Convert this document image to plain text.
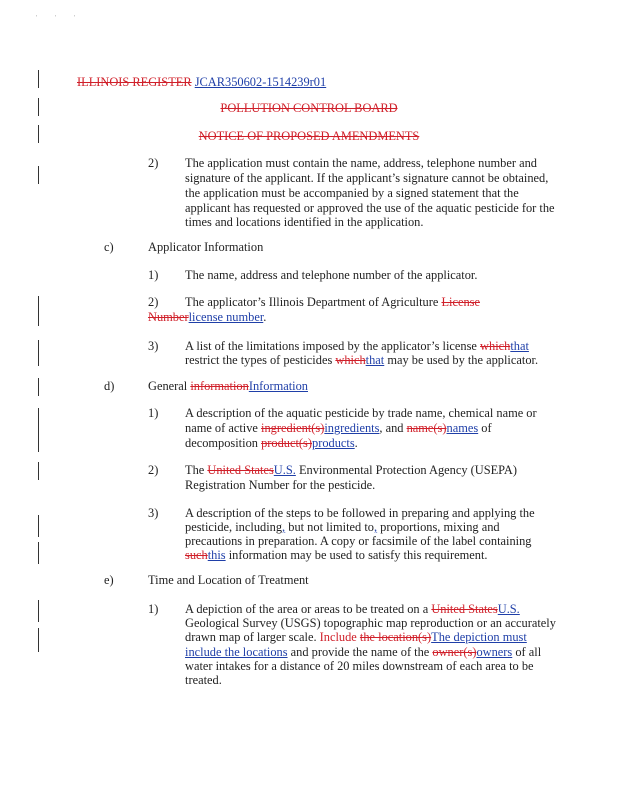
' ' '
ILLINOIS REGISTER JCAR350602-1514239r01
POLLUTION CONTROL BOARD
NOTICE OF PROPOSED AMENDMENTS
2) The application must contain the name, address, telephone number and
signature of the applicant. If the applicant’s signature cannot be obtained,
the application must be accompanied by a signed statement that the
applicant has requested or approved the use of the aquatic pesticide for the
times and locations identified in the application.
c)	Applicator Information
1) The name, address and telephone number of the applicator.
2) The applicator’s Illinois Department of Agriculture License
Numberlicense number.
3) A list of the limitations imposed by the applicator’s license whichthat
restrict the types of pesticides whichthat may be used by the applicator.
d)	General informationInformation
1) A description of the aquatic pesticide by trade name, chemical name or
name of active ingredient(s)ingredients, and name(s)names of
decomposition product(s)products.
2) The United StatesU.S. Environmental Protection Agency (USEPA)
Registration Number for the pesticide.
3) A description of the steps to be followed in preparing and applying the
pesticide, including, but not limited to, proportions, mixing and
precautions in preparation. A copy or facsimile of the label containing
suchthis information may be used to satisfy this requirement.
e)	Time and Location of Treatment
1) A depiction of the area or areas to be treated on a United StatesU.S.
Geological Survey (USGS) topographic map reproduction or an accurately
drawn map of larger scale. Include the location(s)The depiction must
include the locations and provide the name of the owner(s)owners of all
water intakes for a distance of 20 miles downstream of each area to be
treated.
